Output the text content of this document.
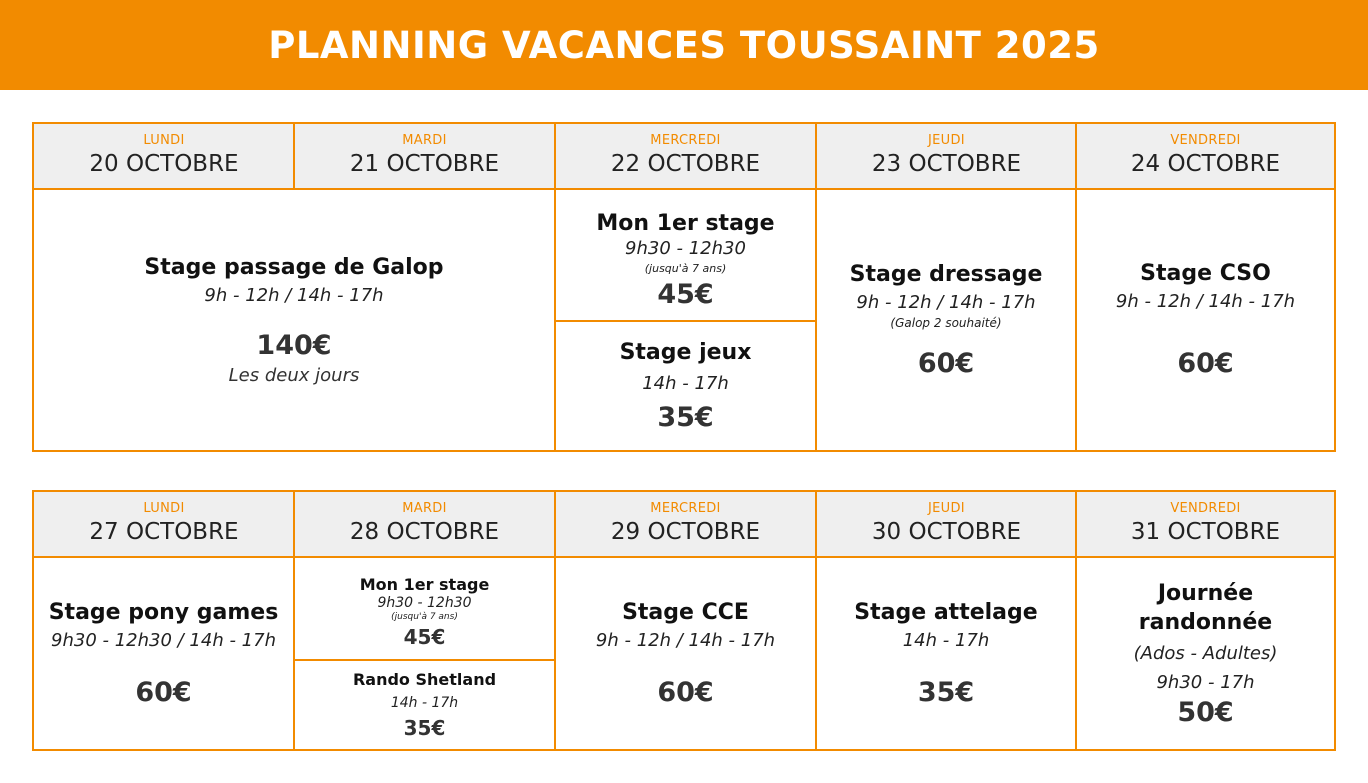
PLANNING VACANCES TOUSSAINT 2025
LUNDI
20 OCTOBRE
MARDI
21 OCTOBRE
MERCREDI
22 OCTOBRE
JEUDI
23 OCTOBRE
VENDREDI
24 OCTOBRE
Stage passage de Galop
9h - 12h / 14h - 17h
140€
Les deux jours
Mon 1er stage
9h30 - 12h30
(jusqu'à 7 ans)
45€
Stage jeux
14h - 17h
35€
Stage dressage
9h - 12h / 14h - 17h
(Galop 2 souhaité)
60€
Stage CSO
9h - 12h / 14h - 17h
60€
LUNDI
27 OCTOBRE
MARDI
28 OCTOBRE
MERCREDI
29 OCTOBRE
JEUDI
30 OCTOBRE
VENDREDI
31 OCTOBRE
Stage pony games
9h30 - 12h30 / 14h - 17h
60€
Mon 1er stage
9h30 - 12h30
(jusqu'à 7 ans)
45€
Rando Shetland
14h - 17h
35€
Stage CCE
9h - 12h / 14h - 17h
60€
Stage attelage
14h - 17h
35€
Journée
randonnée
(Ados - Adultes)
9h30 - 17h
50€
